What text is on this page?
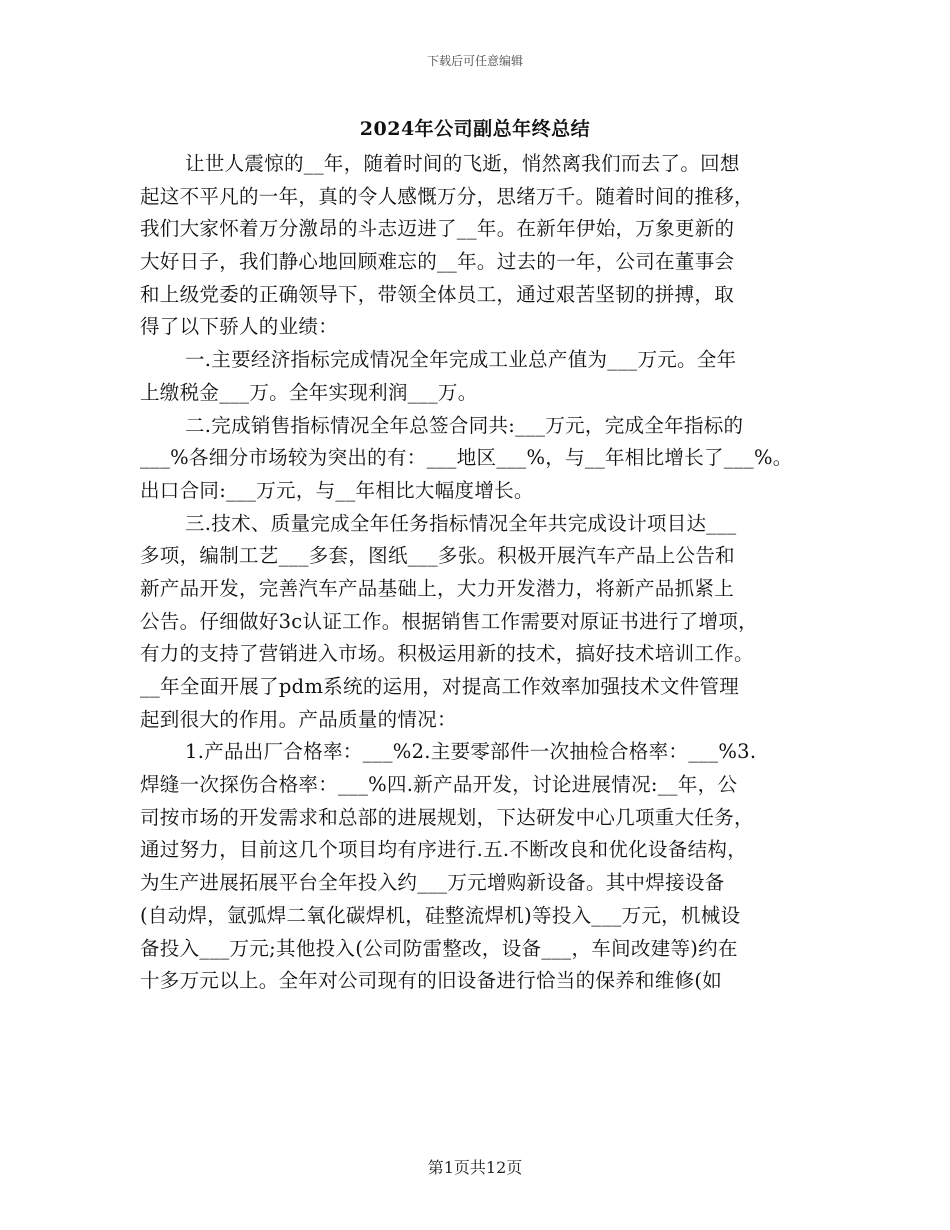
下载后可任意编辑
2024年公司副总年终总结
让世人震惊的__年，随着时间的飞逝，悄然离我们而去了。回想
起这不平凡的一年，真的令人感慨万分，思绪万千。随着时间的推移，
我们大家怀着万分激昂的斗志迈进了__年。在新年伊始，万象更新的
大好日子，我们静心地回顾难忘的__年。过去的一年，公司在董事会
和上级党委的正确领导下，带领全体员工，通过艰苦坚韧的拼搏，取
得了以下骄人的业绩：
一.主要经济指标完成情况全年完成工业总产值为___万元。全年
上缴税金___万。全年实现利润___万。
二.完成销售指标情况全年总签合同共:___万元，完成全年指标的
___%各细分市场较为突出的有：___地区___%，与__年相比增长了___%。
出口合同:___万元，与__年相比大幅度增长。
三.技术、质量完成全年任务指标情况全年共完成设计项目达___
多项，编制工艺___多套，图纸___多张。积极开展汽车产品上公告和
新产品开发，完善汽车产品基础上，大力开发潜力，将新产品抓紧上
公告。仔细做好3c认证工作。根据销售工作需要对原证书进行了增项，
有力的支持了营销进入市场。积极运用新的技术，搞好技术培训工作。
__年全面开展了pdm系统的运用，对提高工作效率加强技术文件管理
起到很大的作用。产品质量的情况：
1.产品出厂合格率：___%2.主要零部件一次抽检合格率：___%3.
焊缝一次探伤合格率：___%四.新产品开发，讨论进展情况:__年，公
司按市场的开发需求和总部的进展规划，下达研发中心几项重大任务，
通过努力，目前这几个项目均有序进行.五.不断改良和优化设备结构，
为生产进展拓展平台全年投入约___万元增购新设备。其中焊接设备
(自动焊，氩弧焊二氧化碳焊机，硅整流焊机)等投入___万元，机械设
备投入___万元;其他投入(公司防雷整改，设备___，车间改建等)约在
十多万元以上。全年对公司现有的旧设备进行恰当的保养和维修(如
第1页共12页
